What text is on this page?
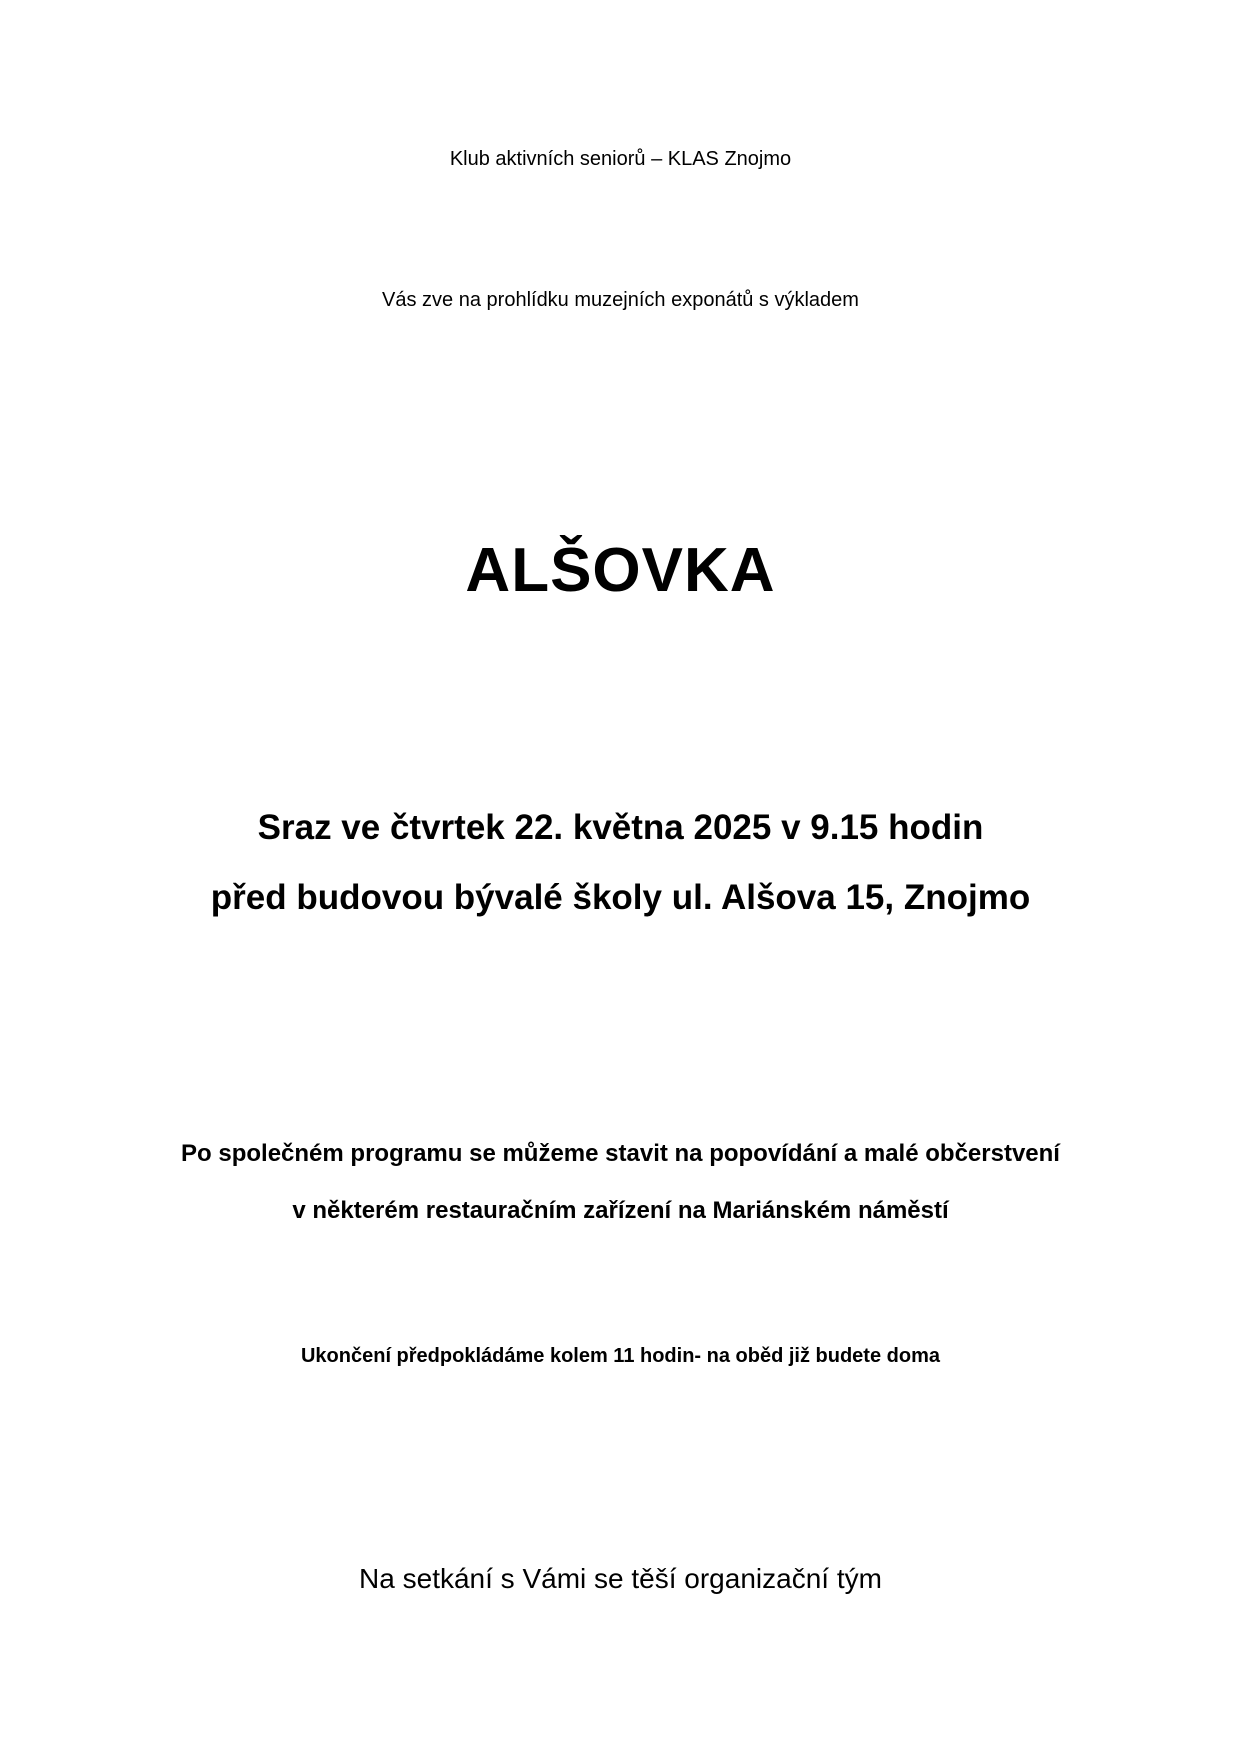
Klub aktivních seniorů – KLAS Znojmo

Vás zve na prohlídku muzejních exponátů s výkladem

ALŠOVKA

Sraz ve čtvrtek 22. května 2025 v 9.15 hodin

před budovou bývalé školy ul. Alšova 15, Znojmo

Po společném programu se můžeme stavit na popovídání a malé občerstvení

v některém restauračním zařízení na Mariánském náměstí

Ukončení předpokládáme kolem 11 hodin- na oběd již budete doma

Na setkání s Vámi se těší organizační tým
